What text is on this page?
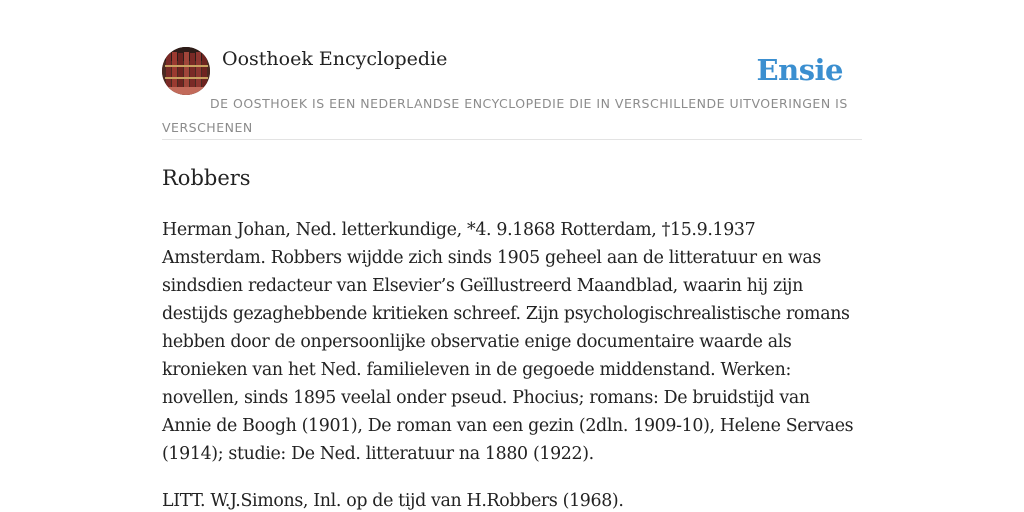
Oosthoek Encyclopedie	Ensie
DE OOSTHOEK IS EEN NEDERLANDSE ENCYCLOPEDIE DIE IN VERSCHILLENDE UITVOERINGEN IS VERSCHENEN
Robbers

Herman Johan, Ned. letterkundige, *4. 9.1868 Rotterdam, †15.9.1937 Amsterdam. Robbers wijdde zich sinds 1905 geheel aan de litteratuur en was sindsdien redacteur van Elsevier’s Geïllustreerd Maandblad, waarin hij zijn destijds gezaghebbende kritieken schreef. Zijn psychologischrealistische romans hebben door de onpersoonlijke observatie enige documentaire waarde als kronieken van het Ned. familieleven in de gegoede middenstand. Werken: novellen, sinds 1895 veelal onder pseud. Phocius; romans: De bruidstijd van Annie de Boogh (1901), De roman van een gezin (2dln. 1909-10), Helene Servaes (1914); studie: De Ned. litteratuur na 1880 (1922).

LITT. W.J.Simons, Inl. op de tijd van H.Robbers (1968).
